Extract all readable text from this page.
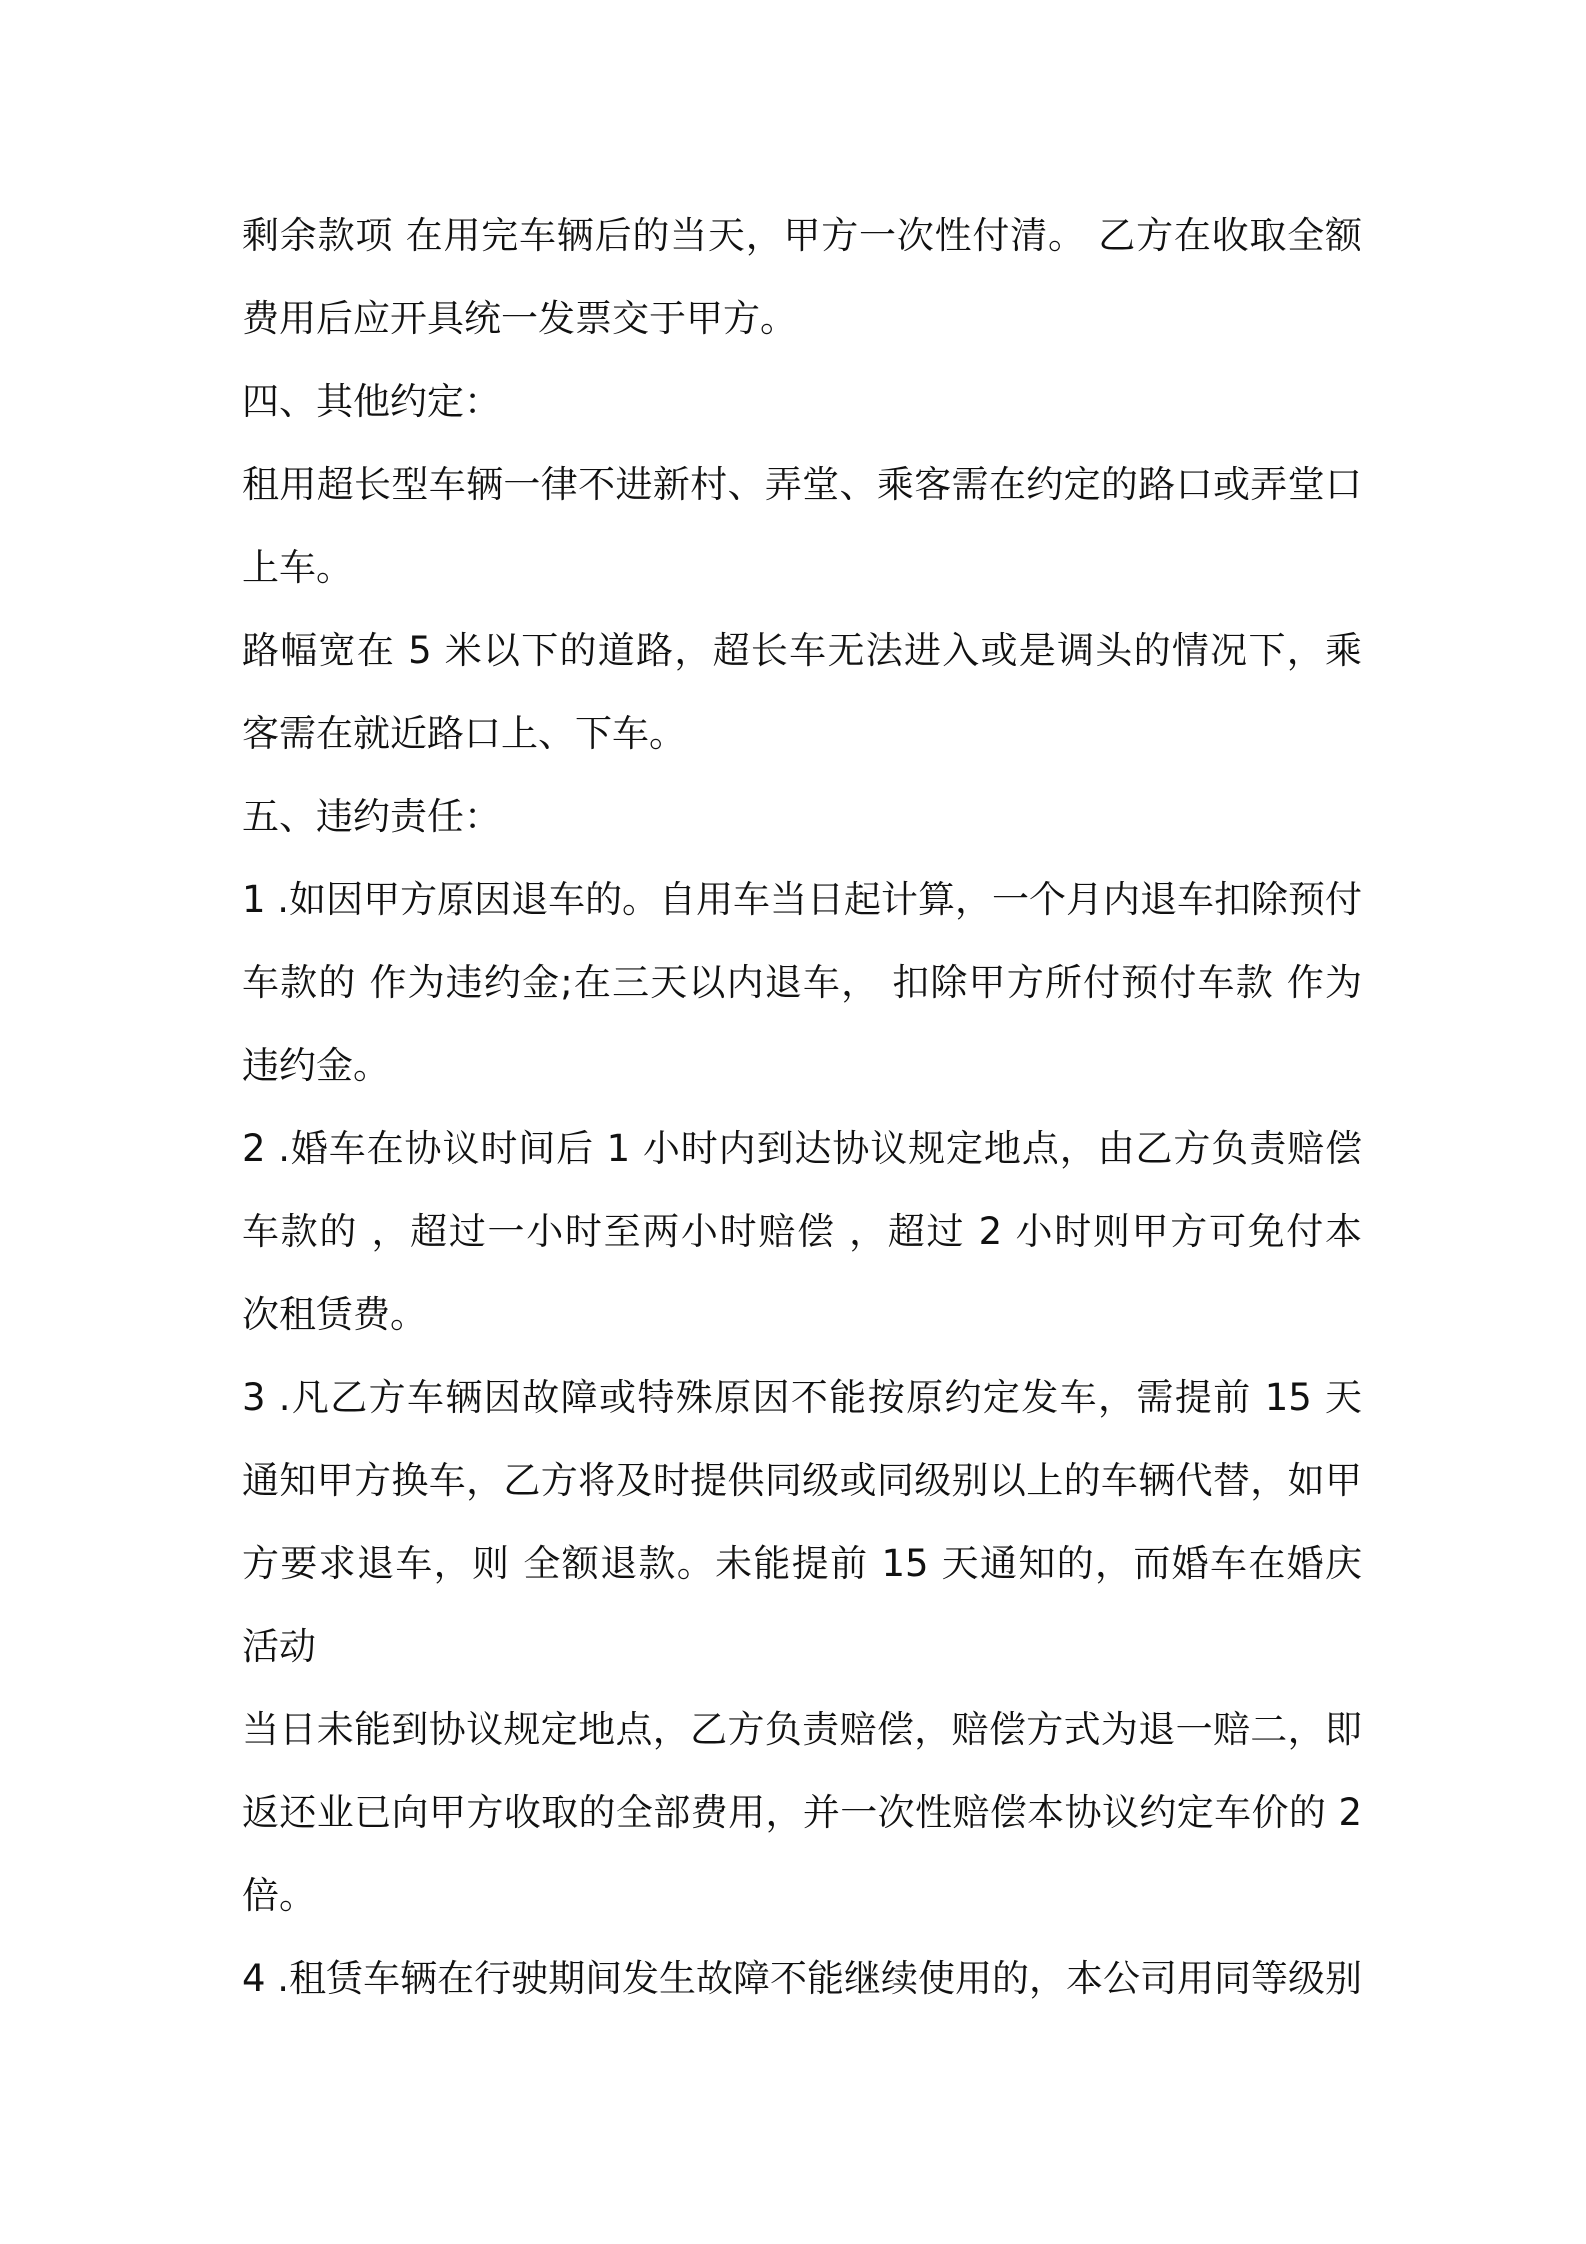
剩余款项 在用完车辆后的当天，甲方一次性付清。 乙方在收取全额
费用后应开具统一发票交于甲方。
四、其他约定：
租用超长型车辆一律不进新村、弄堂、乘客需在约定的路口或弄堂口
上车。
路幅宽在 5 米以下的道路，超长车无法进入或是调头的情况下，乘
客需在就近路口上、下车。
五、违约责任：
1 .如因甲方原因退车的。自用车当日起计算，一个月内退车扣除预付
车款的 作为违约金;在三天以内退车， 扣除甲方所付预付车款 作为
违约金。
2 .婚车在协议时间后 1 小时内到达协议规定地点，由乙方负责赔偿
车款的 ，超过一小时至两小时赔偿 ，超过 2 小时则甲方可免付本
次租赁费。
3 .凡乙方车辆因故障或特殊原因不能按原约定发车，需提前 15 天
通知甲方换车，乙方将及时提供同级或同级别以上的车辆代替，如甲
方要求退车，则 全额退款。未能提前 15 天通知的，而婚车在婚庆
活动
当日未能到协议规定地点，乙方负责赔偿，赔偿方式为退一赔二，即
返还业已向甲方收取的全部费用，并一次性赔偿本协议约定车价的 2
倍。
4 .租赁车辆在行驶期间发生故障不能继续使用的，本公司用同等级别
